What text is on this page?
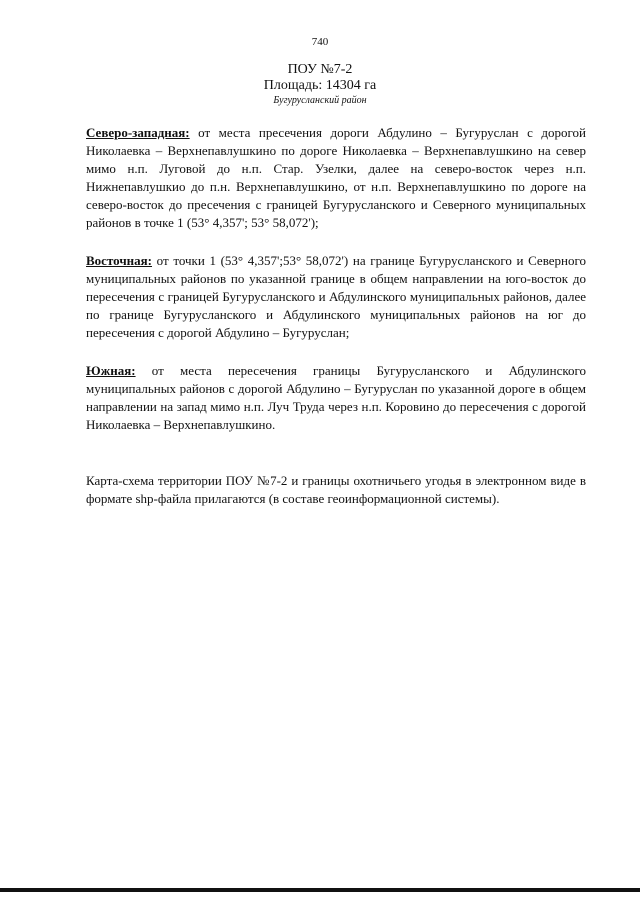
740
ПОУ №7-2
Площадь: 14304 га
Бугурусланский район

Северо-западная: от места пресечения дороги Абдулино – Бугуруслан с дорогой Николаевка – Верхнепавлушкино по дороге Николаевка – Верхнепавлушкино на север мимо н.п. Луговой до н.п. Стар. Узелки, далее на северо-восток через н.п. Нижнепавлушкио до п.н. Верхнепавлушкино, от н.п. Верхнепавлушкино по дороге на северо-восток до пресечения с границей Бугурусланского и Северного муниципальных районов в точке 1 (53° 4,357'; 53° 58,072');

Восточная: от точки 1 (53° 4,357';53° 58,072') на границе Бугурусланского и Северного муниципальных районов по указанной границе в общем направлении на юго-восток до пересечения с границей Бугурусланского и Абдулинского муниципальных районов, далее по границе Бугурусланского и Абдулинского муниципальных районов на юг до пересечения с дорогой Абдулино – Бугуруслан;

Южная: от места пересечения границы Бугурусланского и Абдулинского муниципальных районов с дорогой Абдулино – Бугуруслан по указанной дороге в общем направлении на запад мимо н.п. Луч Труда через н.п. Коровино до пересечения с дорогой Николаевка – Верхнепавлушкино.

Карта-схема территории ПОУ №7-2 и границы охотничьего угодья в электронном виде в формате shp-файла прилагаются (в составе геоинформационной системы).
